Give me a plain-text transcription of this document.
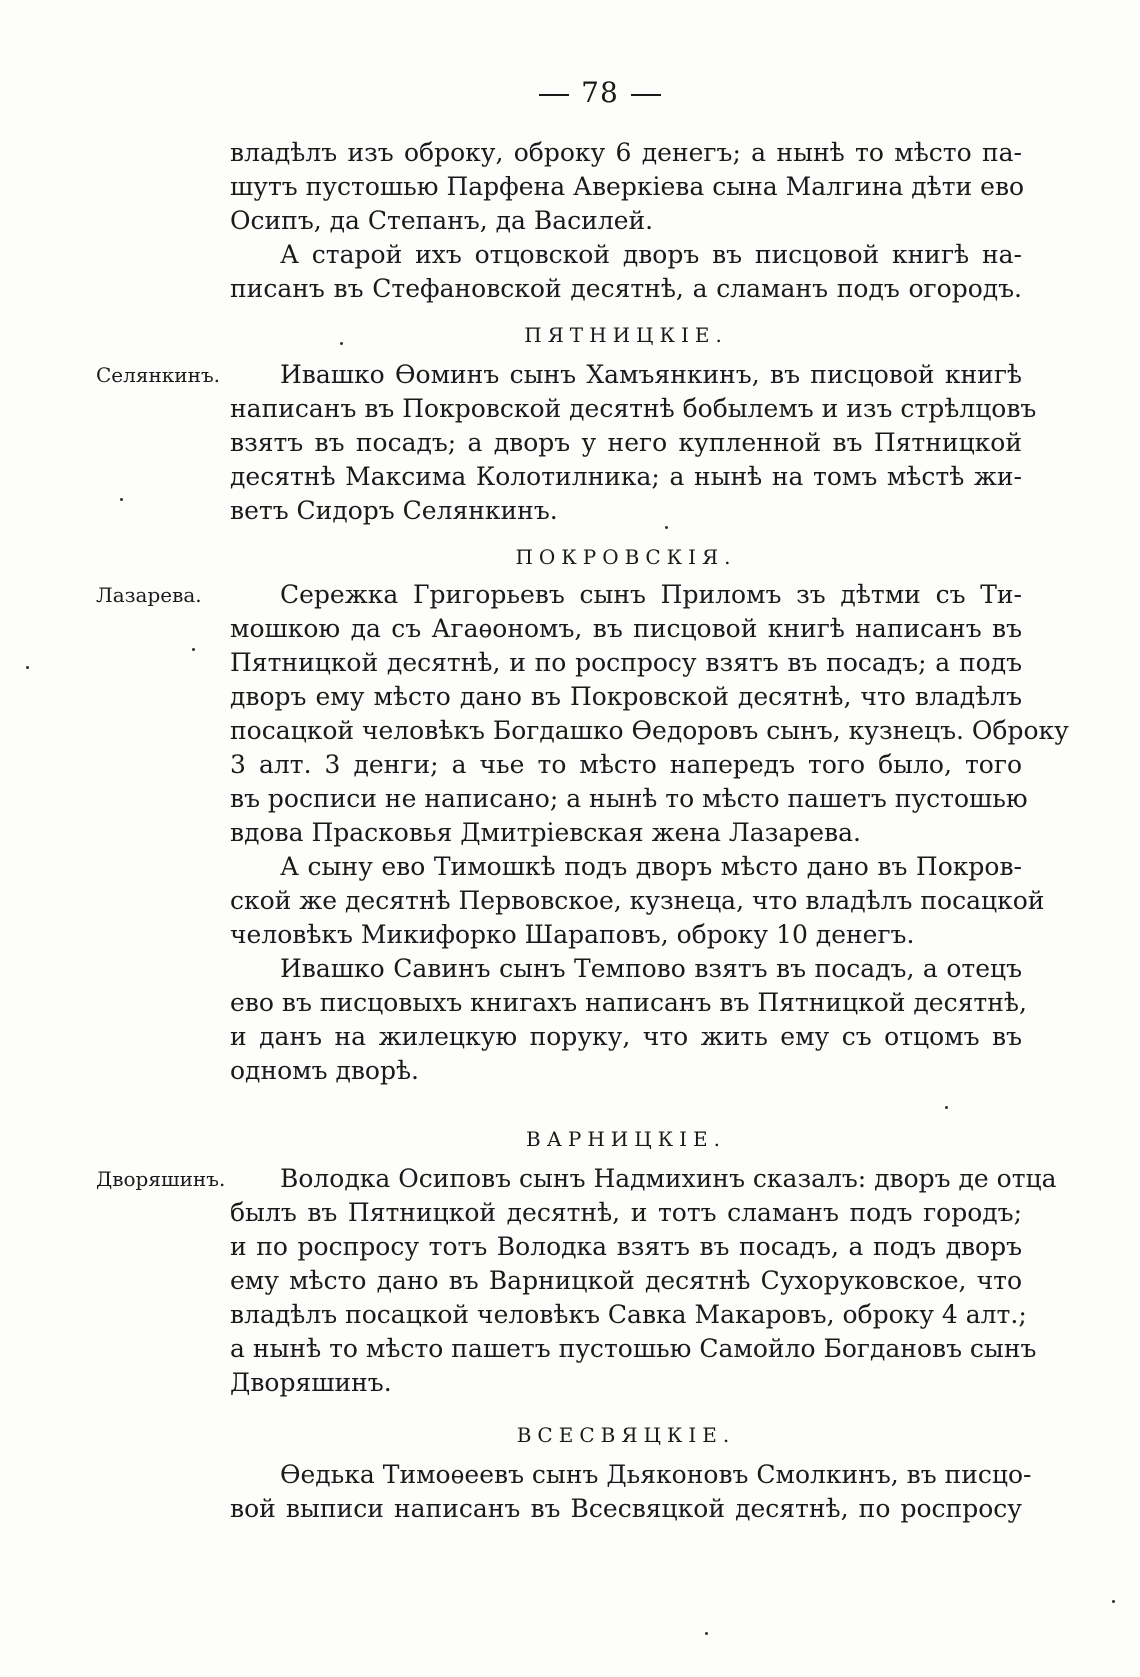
78
владѣлъ изъ оброку, оброку 6 денегъ; а нынѣ то мѣсто па-
шутъ пустошью Парфена Аверкіева сына Малгина дѣти ево
Осипъ, да Степанъ, да Василей.
А старой ихъ отцовской дворъ въ писцовой книгѣ на-
писанъ въ Стефановской десятнѣ, а сламанъ подъ огородъ.
ПЯТНИЦКІЕ.
Селянкинъ. Ивашко Ѳоминъ сынъ Хамъянкинъ, въ писцовой книгѣ
написанъ въ Покровской десятнѣ бобылемъ и изъ стрѣлцовъ
взятъ въ посадъ; а дворъ у него купленной въ Пятницкой
десятнѣ Максима Колотилника; а нынѣ на томъ мѣстѣ жи-
ветъ Сидоръ Селянкинъ.
ПОКРОВСКІЯ.
Лазарева.	Сережка Григорьевъ сынъ Приломъ зъ дѣтми съ Ти-
мошкою да съ Агаѳономъ, въ писцовой книгѣ написанъ въ
Пятницкой десятнѣ, и по роспросу взятъ въ посадъ; а подъ
дворъ ему мѣсто дано въ Покровской десятнѣ, что владѣлъ
посацкой человѣкъ Богдашко Ѳедоровъ сынъ, кузнецъ. Оброку
3 алт. 3 денги; а чье то мѣсто напередъ того было, того
въ росписи не написано; а нынѣ то мѣсто пашетъ пустошью
вдова Прасковья Дмитріевская жена Лазарева.
А сыну ево Тимошкѣ подъ дворъ мѣсто дано въ Покров-
ской же десятнѣ Первовское, кузнеца, что владѣлъ посацкой
человѣкъ Микифорко Шараповъ, оброку 10 денегъ.
Ивашко Савинъ сынъ Темпово взятъ въ посадъ, а отецъ
ево въ писцовыхъ книгахъ написанъ въ Пятницкой десятнѣ,
и данъ на жилецкую поруку, что жить ему съ отцомъ въ
одномъ дворѣ.
ВАРНИЦКІЕ.
Дворяшинъ. Володка Осиповъ сынъ Надмихинъ сказалъ: дворъ де отца
былъ въ Пятницкой десятнѣ, и тотъ сламанъ подъ городъ;
и по роспросу тотъ Володка взятъ въ посадъ, а подъ дворъ
ему мѣсто дано въ Варницкой десятнѣ Сухоруковское, что
владѣлъ посацкой человѣкъ Савка Макаровъ, оброку 4 алт.;
а нынѣ то мѣсто пашетъ пустошью Самойло Богдановъ сынъ
Дворяшинъ.
ВСЕСВЯЦКІЕ.
Ѳедька Тимоѳеевъ сынъ Дьяконовъ Смолкинъ, въ писцо-
вой выписи написанъ въ Всесвяцкой десятнѣ, по роспросу
